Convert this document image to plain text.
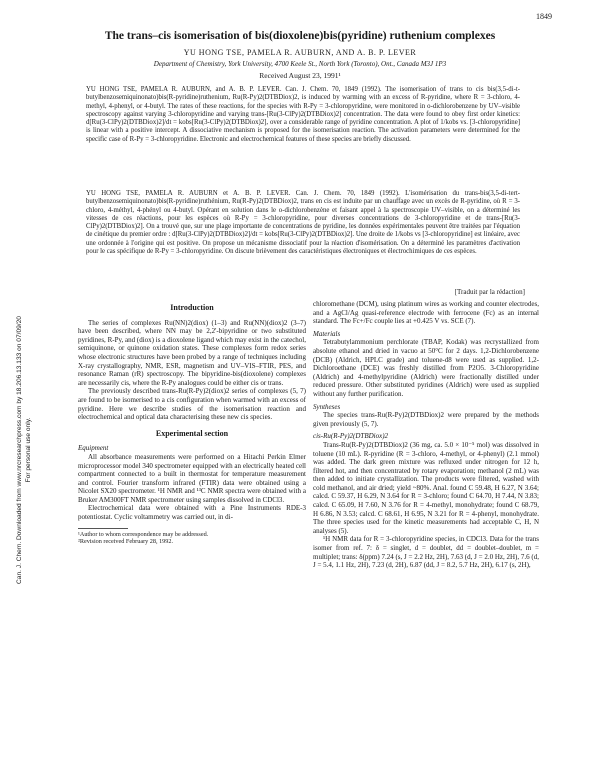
1849
Can. J. Chem. Downloaded from www.nrcresearchpress.com by 18.206.13.133 on 07/09/20 For personal use only.
The trans–cis isomerisation of bis(dioxolene)bis(pyridine) ruthenium complexes
YU HONG TSE, PAMELA R. AUBURN, AND A. B. P. LEVER
Department of Chemistry, York University, 4700 Keele St., North York (Toronto), Ont., Canada M3J 1P3
Received August 23, 1991¹
YU HONG TSE, PAMELA R. AUBURN, and A. B. P. LEVER. Can. J. Chem. 70, 1849 (1992). The isomerisation of trans to cis bis(3,5-di-t-butylbenzosemiquinonato)bis(R-pyridine)ruthenium, Ru(R-Py)2(DTBDiox)2, is induced by warming with an excess of R-pyridine, where R = 3-chloro, 4-methyl, 4-phenyl, or 4-butyl. The rates of these reactions, for the species with R-Py = 3-chloropyridine, were monitored in o-dichlorobenzene by UV–visible spectroscopy against varying 3-chloropyridine and varying trans-[Ru(3-ClPy)2(DTBDiox)2] concentration. The data were found to obey first order kinetics: d[Ru(3-ClPy)2(DTBDiox)2]/dt = kobs[Ru(3-ClPy)2(DTBDiox)2], over a considerable range of pyridine concentration. A plot of 1/kobs vs. [3-chloropyridine] is linear with a positive intercept. A dissociative mechanism is proposed for the isomerisation reaction. The activation parameters were determined for the specific case of R-Py = 3-chloropyridine. Electronic and electrochemical features of these species are briefly discussed.
YU HONG TSE, PAMELA R. AUBURN et A. B. P. LEVER. Can. J. Chem. 70, 1849 (1992). L'isomérisation du trans-bis(3,5-di-tert-butylbenzosemiquinonato)bis(R-pyridine)ruthénium, Ru(R-Py)2(DTBDiox)2, trans en cis est induite par un chauffage avec un excès de R-pyridine, où R = 3-chloro, 4-méthyl, 4-phényl ou 4-butyl. Opérant en solution dans le o-dichlorobenzène et faisant appel à la spectroscopie UV–visible, on a déterminé les vitesses de ces réactions, pour les espèces où R-Py = 3-chloropyridine, pour diverses concentrations de 3-chloropyridine et de trans-[Ru(3-ClPy)2(DTBDiox)2]. On a trouvé que, sur une plage importante de concentrations de pyridine, les données expérimentales peuvent être traitées par l'équation de cinétique du premier ordre : d[Ru(3-ClPy)2(DTBDiox)2]/dt = kobs[Ru(3-ClPy)2(DTBDiox)2]. Une droite de 1/kobs vs [3-chloropyridine] est linéaire, avec une ordonnée à l'origine qui est positive. On propose un mécanisme dissociatif pour la réaction d'isomérisation. On a déterminé les paramètres d'activation pour le cas spécifique de R-Py = 3-chloropyridine. On discute brièvement des caractéristiques électroniques et électrochimiques de ces espèces.
[Traduit par la rédaction]
Introduction

The series of complexes Ru(NN)2(diox) (1–3) and Ru(NN)(diox)2 (3–7) have been described, where NN may be 2,2'-bipyridine or two substituted pyridines, R-Py, and (diox) is a dioxolene ligand which may exist in the catechol, semiquinone, or quinone oxidation states. These complexes form redox series whose electronic structures have been probed by a range of techniques including X-ray crystallography, NMR, ESR, magnetism and UV–VIS–FTIR, PES, and resonance Raman (rR) spectroscopy. The bipyridine-bis(dioxolene) complexes are necessarily cis, where the R-Py analogues could be either cis or trans.

The previously described trans-Ru(R-Py)2(diox)2 series of complexes (5, 7) are found to be isomerised to a cis configuration when warmed with an excess of pyridine. Here we describe studies of the isomerisation reaction and electrochemical and optical data characterising these new cis species.

Experimental section
Equipment

All absorbance measurements were performed on a Hitachi Perkin Elmer microprocessor model 340 spectrometer equipped with an electrically heated cell compartment connected to a built in thermostat for temperature measurement and control. Fourier transform infrared (FTIR) data were obtained using a Nicolet SX20 spectrometer. ¹H NMR and ¹³C NMR spectra were obtained with a Bruker AM300FT NMR spectrometer using samples dissolved in CDCl3.

Electrochemical data were obtained with a Pine Instruments RDE-3 potentiostat. Cyclic voltammetry was carried out, in di-

¹Author to whom correspondence may be addressed.
²Revision received February 28, 1992.

chloromethane (DCM), using platinum wires as working and counter electrodes, and a AgCl/Ag quasi-reference electrode with ferrocene (Fc) as an internal standard. The Fc+/Fc couple lies at +0.425 V vs. SCE (7).

Materials

Tetrabutylammonium perchlorate (TBAP, Kodak) was recrystallized from absolute ethanol and dried in vacuo at 50°C for 2 days. 1,2-Dichlorobenzene (DCB) (Aldrich, HPLC grade) and toluene-d8 were used as supplied. 1,2-Dichloroethane (DCE) was freshly distilled from P2O5. 3-Chloropyridine (Aldrich) and 4-methylpyridine (Aldrich) were fractionally distilled under reduced pressure. Other substituted pyridines (Aldrich) were used as supplied without any further purification.

Syntheses

The species trans-Ru(R-Py)2(DTBDiox)2 were prepared by the methods given previously (5, 7).

cis-Ru(R-Py)2(DTBDiox)2

Trans-Ru(R-Py)2(DTBDiox)2 (36 mg, ca. 5.0 × 10⁻⁵ mol) was dissolved in toluene (10 mL). R-pyridine (R = 3-chloro, 4-methyl, or 4-phenyl) (2.1 mmol) was added. The dark green mixture was refluxed under nitrogen for 12 h, filtered hot, and then concentrated by rotary evaporation; methanol (2 mL) was then added to initiate crystallization. The products were filtered, washed with cold methanol, and air dried; yield ~80%. Anal. found C 59.48, H 6.27, N 3.64; calcd. C 59.37, H 6.29, N 3.64 for R = 3-chloro; found C 64.70, H 7.44, N 3.83; calcd. C 65.09, H 7.60, N 3.76 for R = 4-methyl, monohydrate; found C 68.79, H 6.86, N 3.53; calcd. C 68.61, H 6.95, N 3.21 for R = 4-phenyl, monohydrate. The three species used for the kinetic measurements had acceptable C, H, N analyses (5).

¹H NMR data for R = 3-chloropyridine species, in CDCl3. Data for the trans isomer from ref. 7: δ = singlet, d = doublet, dd = doublet–doublet, m = multiplet; trans: δ(ppm) 7.24 (s, J = 2.2 Hz, 2H), 7.63 (d, J = 2.0 Hz, 2H), 7.6 (d, J = 5.4, 1.1 Hz, 2H), 7.23 (d, 2H), 6.87 (dd, J = 8.2, 5.7 Hz, 2H), 6.17 (s, 2H),
